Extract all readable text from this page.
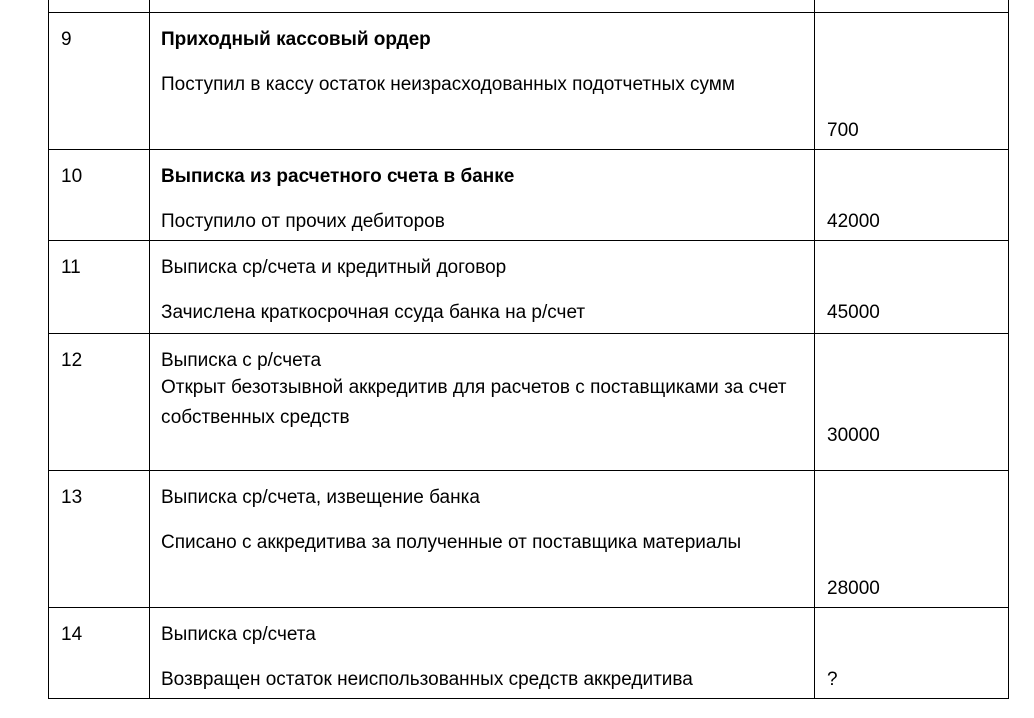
9	Приходный кассовый ордер
Поступил в кассу остаток неизрасходованных подотчетных сумм	700

10	Выписка из расчетного счета в банке
Поступило от прочих дебиторов	42000

11	Выписка ср/счета и кредитный договор
Зачислена краткосрочная ссуда банка на р/счет	45000

12	Выписка с р/счета
Открыт безотзывной аккредитив для расчетов с поставщиками за счет собственных средств	30000

13	Выписка ср/счета, извещение банка
Списано с аккредитива за полученные от поставщика материалы	28000

14	Выписка ср/счета
Возвращен остаток неиспользованных средств аккредитива	?
